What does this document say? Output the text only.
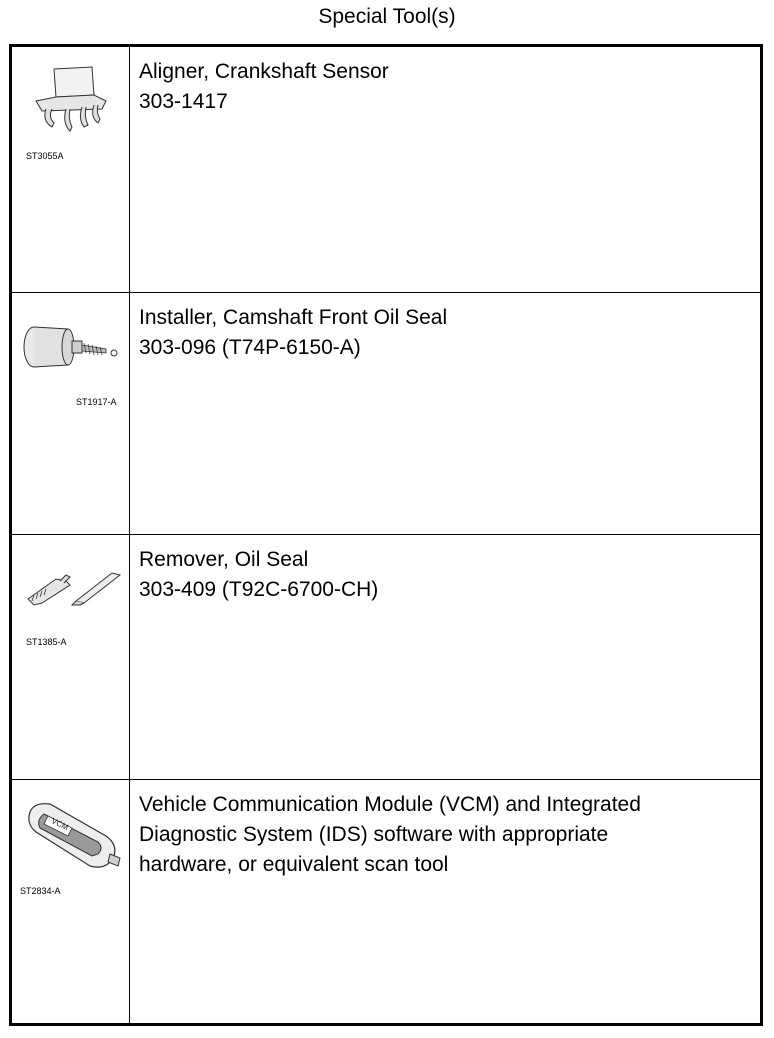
Special Tool(s)
ST3055A
Aligner, Crankshaft Sensor
303-1417
ST1917-A
Installer, Camshaft Front Oil Seal
303-096 (T74P-6150-A)
ST1385-A
Remover, Oil Seal
303-409 (T92C-6700-CH)
VCM
ST2834-A
Vehicle Communication Module (VCM) and Integrated
Diagnostic System (IDS) software with appropriate
hardware, or equivalent scan tool
